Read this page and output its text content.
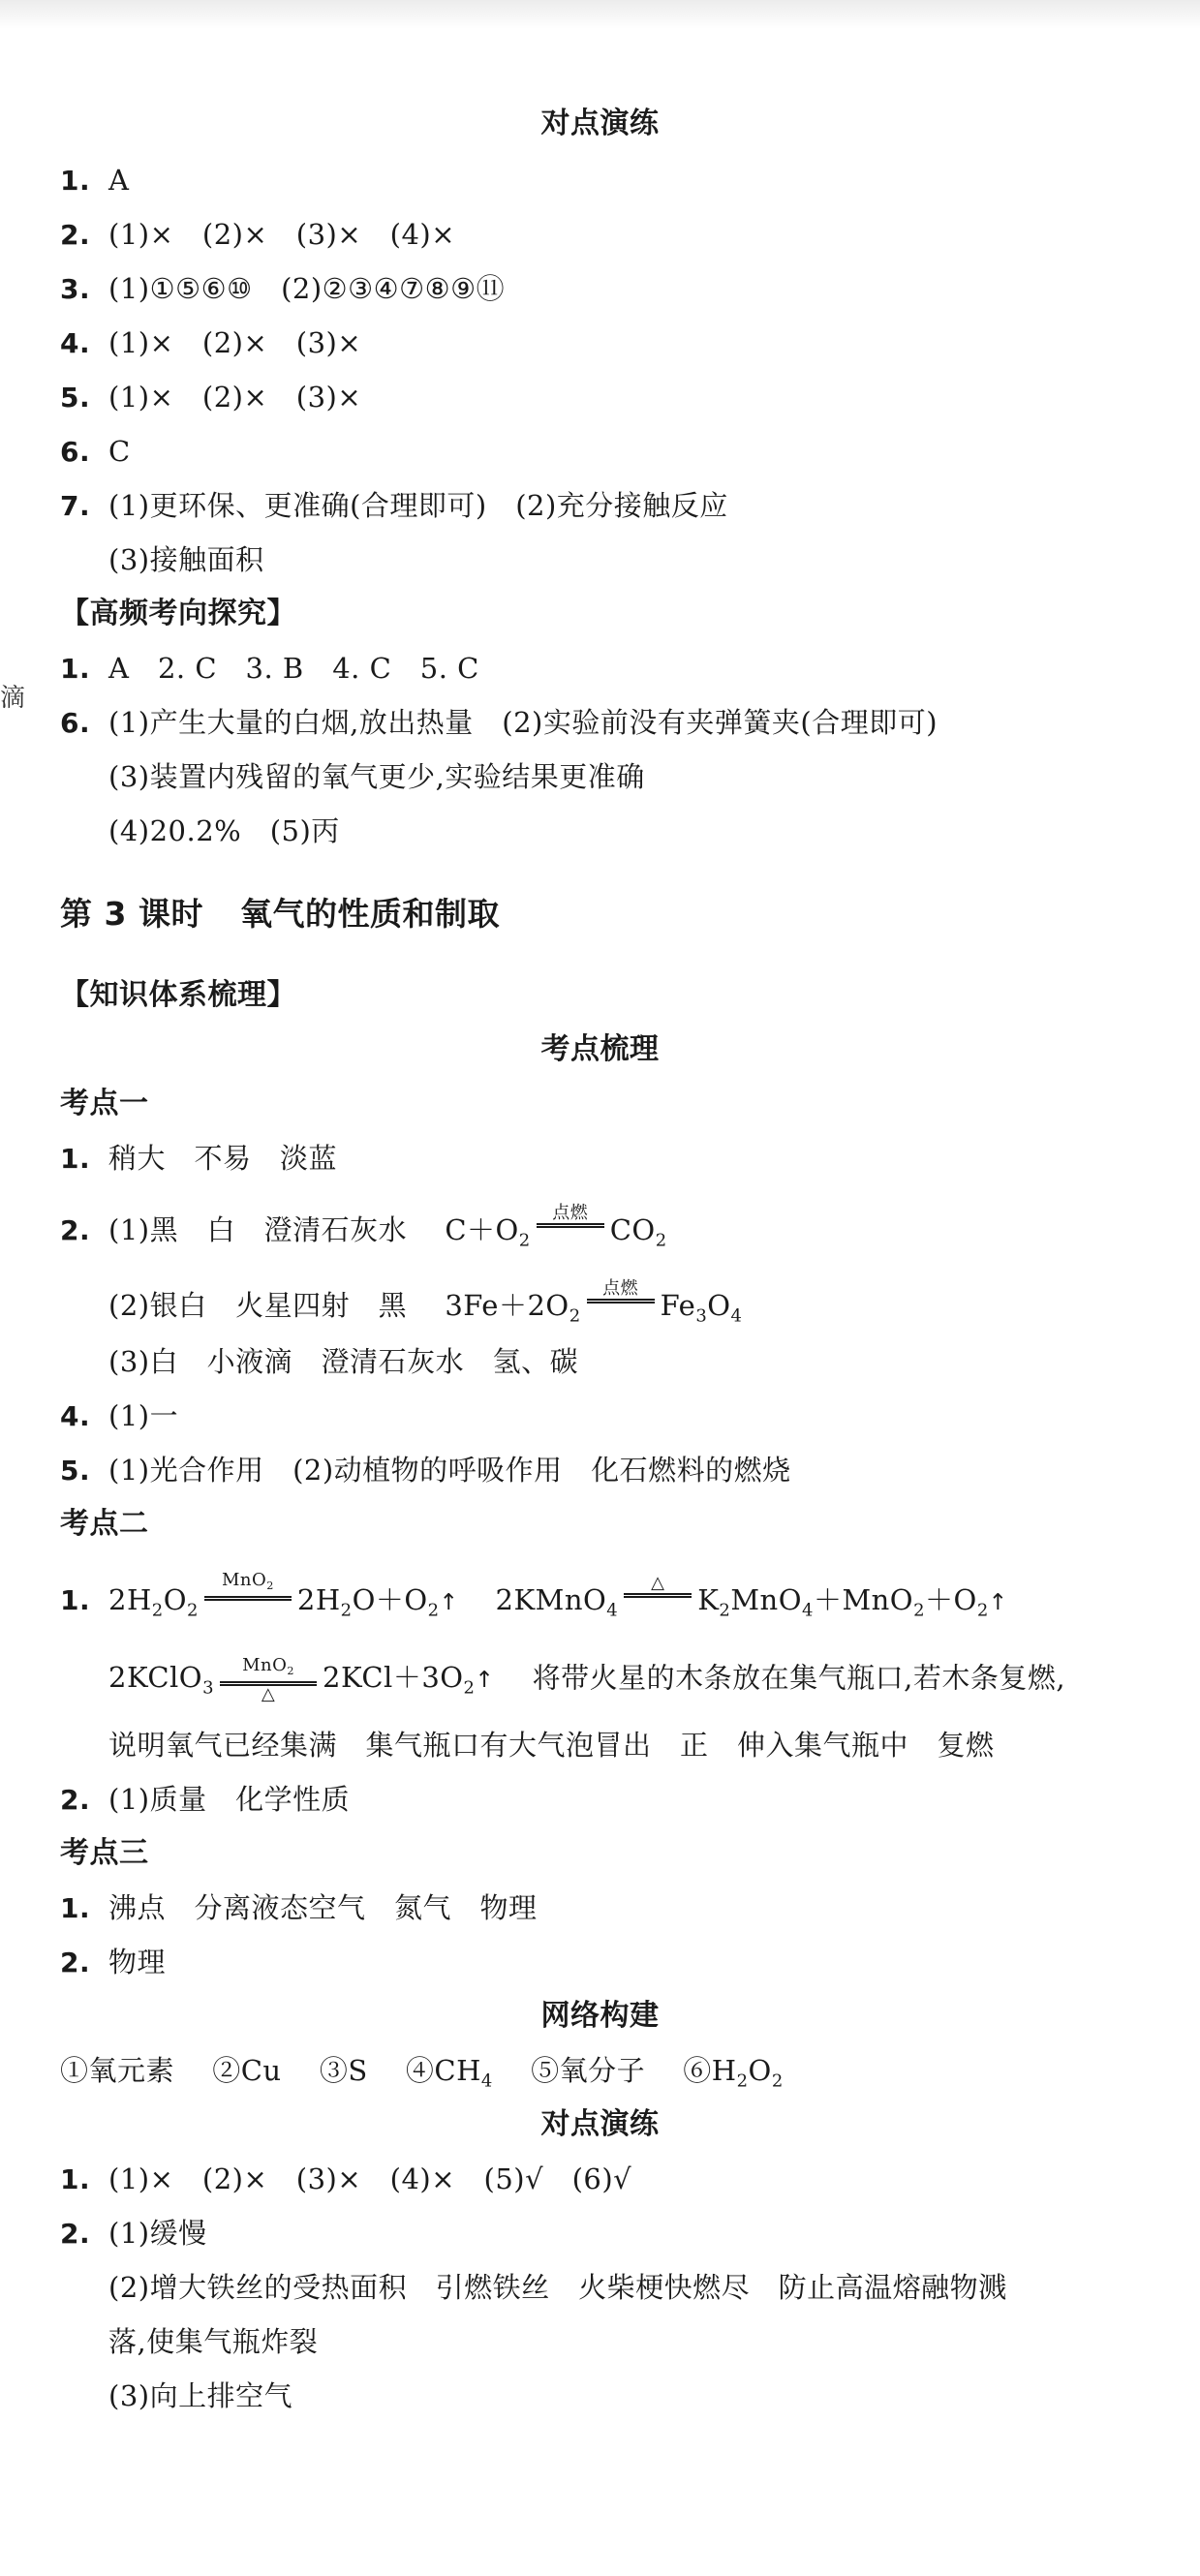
滴
对点演练
1. A
2. (1)×　(2)×　(3)×　(4)×
3. (1)①⑤⑥⑩　(2)②③④⑦⑧⑨⑪
4. (1)×　(2)×　(3)×
5. (1)×　(2)×　(3)×
6. C
7. (1)更环保、更准确(合理即可)　(2)充分接触反应
(3)接触面积
【高频考向探究】
1. A　2. C　3. B　4. C　5. C
6. (1)产生大量的白烟,放出热量　(2)实验前没有夹弹簧夹(合理即可)
(3)装置内残留的氧气更少,实验结果更准确
(4)20.2%　(5)丙
第 3 课时 氧气的性质和制取
【知识体系梳理】
考点梳理
考点一
1. 稍大　不易　淡蓝
2. (1)黑　白　澄清石灰水　 $C+O_2$
点燃

$CO_2$
(2)银白　火星四射　黑　 $3Fe+2O_2$
点燃

$Fe_3O_4$
(3)白　小液滴　澄清石灰水　氢、碳
4. (1)一
5. (1)光合作用　(2)动植物的呼吸作用　化石燃料的燃烧
考点二
1. $2H_2O_2$
MnO$_2$
$2H_2O+O_2↑$ 2KMnO$_4$
△

$K_2MnO_4+MnO_2+O_2↑$
2KClO$_3$
MnO$_2$
△ $2KCl+3O_2↑$　 将带火星的木条放在集气瓶口,若木条复燃,
说明氧气已经集满　集气瓶口有大气泡冒出　正　伸入集气瓶中　复燃
2. (1)质量　化学性质
考点三
1. 沸点　分离液态空气　氮气　物理
2. 物理
网络构建
①氧元素　 ②Cu　 ③S　 $④CH_4$　 ⑤氧分子　 $⑥H_2O_2$
对点演练
1. (1)×　(2)×　(3)×　(4)×　(5)√　(6)√
2. (1)缓慢
(2)增大铁丝的受热面积　引燃铁丝　火柴梗快燃尽　防止高温熔融物溅
落,使集气瓶炸裂
(3)向上排空气
